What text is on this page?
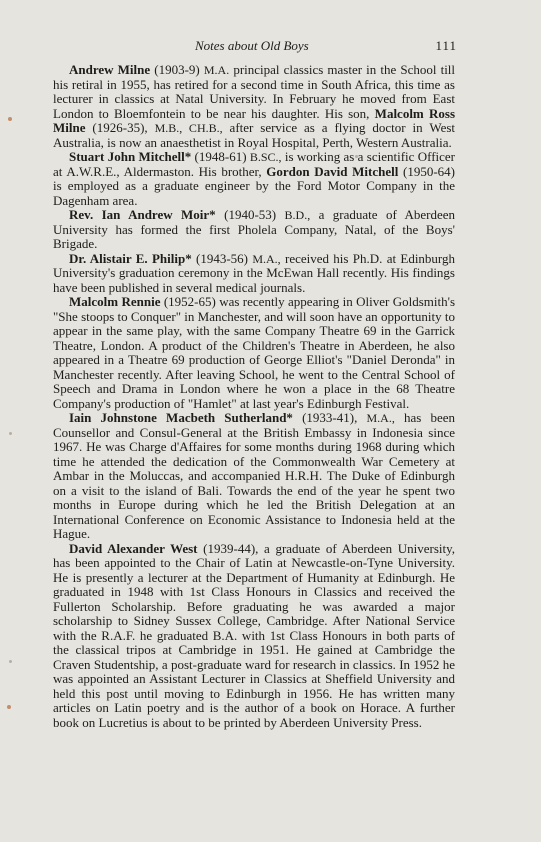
Notes about Old Boys	111

Andrew Milne (1903-9) M.A. principal classics master in the School till his retiral in 1955, has retired for a second time in South Africa, this time as lecturer in classics at Natal University. In February he moved from East London to Bloemfontein to be near his daughter. His son, Malcolm Ross Milne (1926-35), M.B., CH.B., after service as a flying doctor in West Australia, is now an anaesthetist in Royal Hospital, Perth, Western Australia.

Stuart John Mitchell* (1948-61) B.SC., is working as a scientific Officer at A.W.R.E., Aldermaston. His brother, Gordon David Mitchell (1950-64) is employed as a graduate engineer by the Ford Motor Company in the Dagenham area.

Rev. Ian Andrew Moir* (1940-53) B.D., a graduate of Aberdeen University has formed the first Pholela Company, Natal, of the Boys' Brigade.

Dr. Alistair E. Philip* (1943-56) M.A., received his Ph.D. at Edinburgh University's graduation ceremony in the McEwan Hall recently. His findings have been published in several medical journals.

Malcolm Rennie (1952-65) was recently appearing in Oliver Goldsmith's "She stoops to Conquer" in Manchester, and will soon have an opportunity to appear in the same play, with the same Company Theatre 69 in the Garrick Theatre, London. A product of the Children's Theatre in Aberdeen, he also appeared in a Theatre 69 production of George Elliot's "Daniel Deronda" in Manchester recently. After leaving School, he went to the Central School of Speech and Drama in London where he won a place in the 68 Theatre Company's production of "Hamlet" at last year's Edinburgh Festival.

Iain Johnstone Macbeth Sutherland* (1933-41), M.A., has been Counsellor and Consul-General at the British Embassy in Indonesia since 1967. He was Charge d'Affaires for some months during 1968 during which time he attended the dedication of the Commonwealth War Cemetery at Ambar in the Moluccas, and accompanied H.R.H. The Duke of Edinburgh on a visit to the island of Bali. Towards the end of the year he spent two months in Europe during which he led the British Delegation at an International Conference on Economic Assistance to Indonesia held at the Hague.

David Alexander West (1939-44), a graduate of Aberdeen University, has been appointed to the Chair of Latin at Newcastle-on-Tyne University. He is presently a lecturer at the Department of Humanity at Edinburgh. He graduated in 1948 with 1st Class Honours in Classics and received the Fullerton Scholarship. Before graduating he was awarded a major scholarship to Sidney Sussex College, Cambridge. After National Service with the R.A.F. he graduated B.A. with 1st Class Honours in both parts of the classical tripos at Cambridge in 1951. He gained at Cambridge the Craven Studentship, a post-graduate ward for research in classics. In 1952 he was appointed an Assistant Lecturer in Classics at Sheffield University and held this post until moving to Edinburgh in 1956. He has written many articles on Latin poetry and is the author of a book on Horace. A further book on Lucretius is about to be printed by Aberdeen University Press.
